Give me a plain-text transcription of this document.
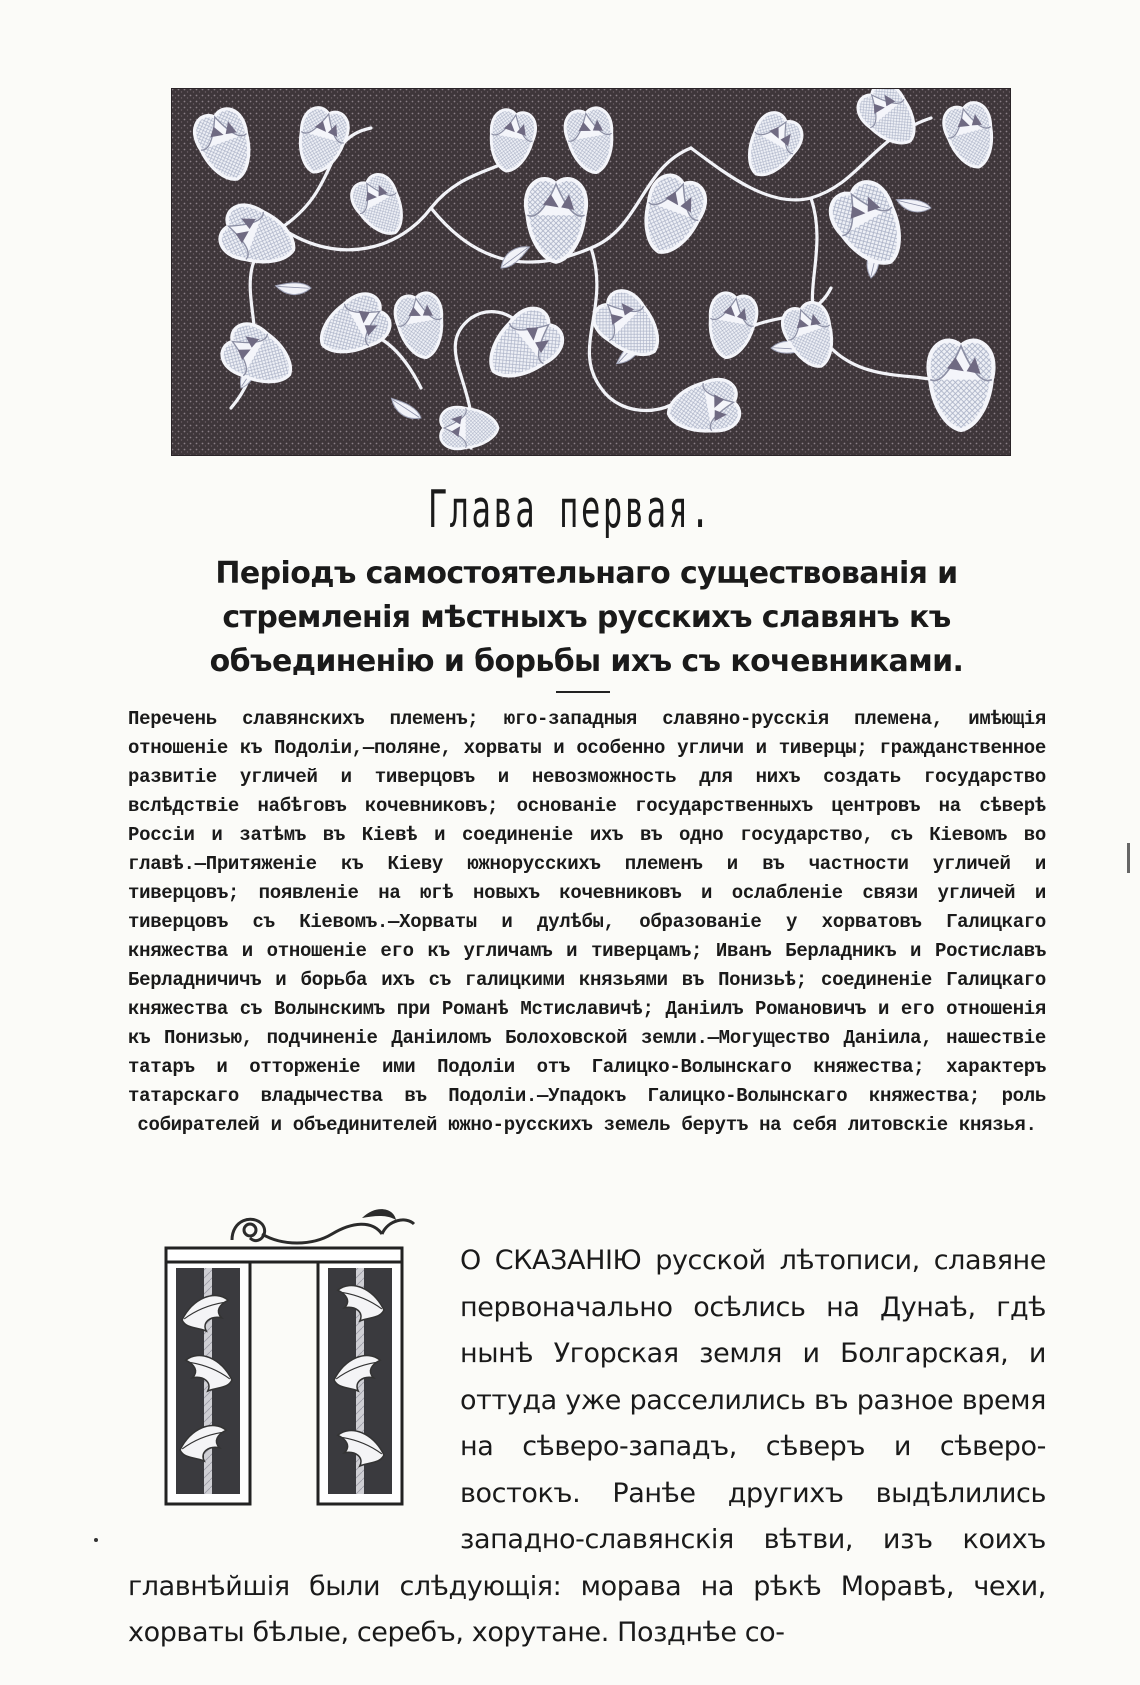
Глава первая.
Періодъ самостоятельнаго существованія и стремленія мѣстныхъ русскихъ славянъ къ объединенію и борьбы ихъ съ кочевниками.

Перечень славянскихъ племенъ; юго-западныя славяно-русскія племена, имѣющія отношеніе къ Подоліи,—поляне, хорваты и особенно угличи и тиверцы; гражданственное развитіе угличей и тиверцовъ и невозможность для нихъ создать государство вслѣдствіе набѣговъ кочевниковъ; основаніе государственныхъ центровъ на сѣверѣ Россіи и затѣмъ въ Кіевѣ и соединеніе ихъ въ одно государство, съ Кіевомъ во главѣ.—Притяженіе къ Кіеву южнорусскихъ племенъ и въ частности угличей и тиверцовъ; появленіе на югѣ новыхъ кочевниковъ и ослабленіе связи угличей и тиверцовъ съ Кіевомъ.—Хорваты и дулѣбы, образованіе у хорватовъ Галицкаго княжества и отношеніе его къ угличамъ и тиверцамъ; Иванъ Берладникъ и Ростиславъ Берладничичъ и борьба ихъ съ галицкими князьями въ Понизьѣ; соединеніе Галицкаго княжества съ Волынскимъ при Романѣ Мстиславичѣ; Даніилъ Романовичъ и его отношенія къ Понизью, подчиненіе Даніиломъ Болоховской земли.—Могущество Даніила, нашествіе татаръ и отторженіе ими Подоліи отъ Галицко-Волынскаго княжества; характеръ татарскаго владычества въ Подоліи.—Упадокъ Галицко-Волынскаго княжества; роль собирателей и объединителей южно-русскихъ земель берутъ на себя литовскіе князья.

О СКАЗАНІЮ русской лѣтописи, славяне первоначально осѣлись на Дунаѣ, гдѣ нынѣ Угорская земля и Болгарская, и оттуда уже расселились въ разное время на сѣверо-западъ, сѣверъ и сѣверо-востокъ. Ранѣе другихъ выдѣлились западно-славянскія вѣтви, изъ коихъ главнѣйшія были слѣдующія: морава на рѣкѣ Моравѣ, чехи, хорваты бѣлые, серебъ, хорутане. Позднѣе со-
